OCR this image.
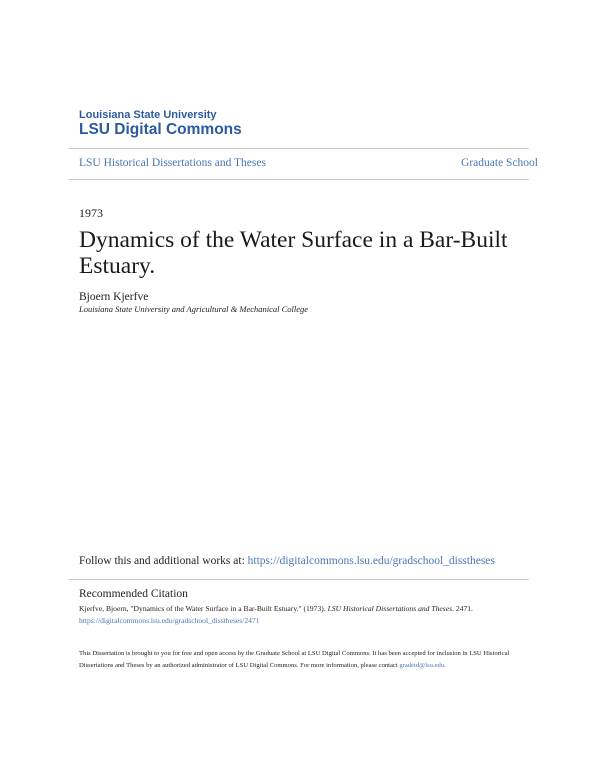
Louisiana State University
LSU Digital Commons
LSU Historical Dissertations and Theses	Graduate School
1973
Dynamics of the Water Surface in a Bar-Built Estuary.
Bjoern Kjerfve
Louisiana State University and Agricultural & Mechanical College
Follow this and additional works at: https://digitalcommons.lsu.edu/gradschool_disstheses
Recommended Citation
Kjerfve, Bjoern, "Dynamics of the Water Surface in a Bar-Built Estuary." (1973). LSU Historical Dissertations and Theses. 2471.
https://digitalcommons.lsu.edu/gradschool_disstheses/2471
This Dissertation is brought to you for free and open access by the Graduate School at LSU Digital Commons. It has been accepted for inclusion in LSU Historical Dissertations and Theses by an authorized administrator of LSU Digital Commons. For more information, please contact gradetd@lsu.edu.
